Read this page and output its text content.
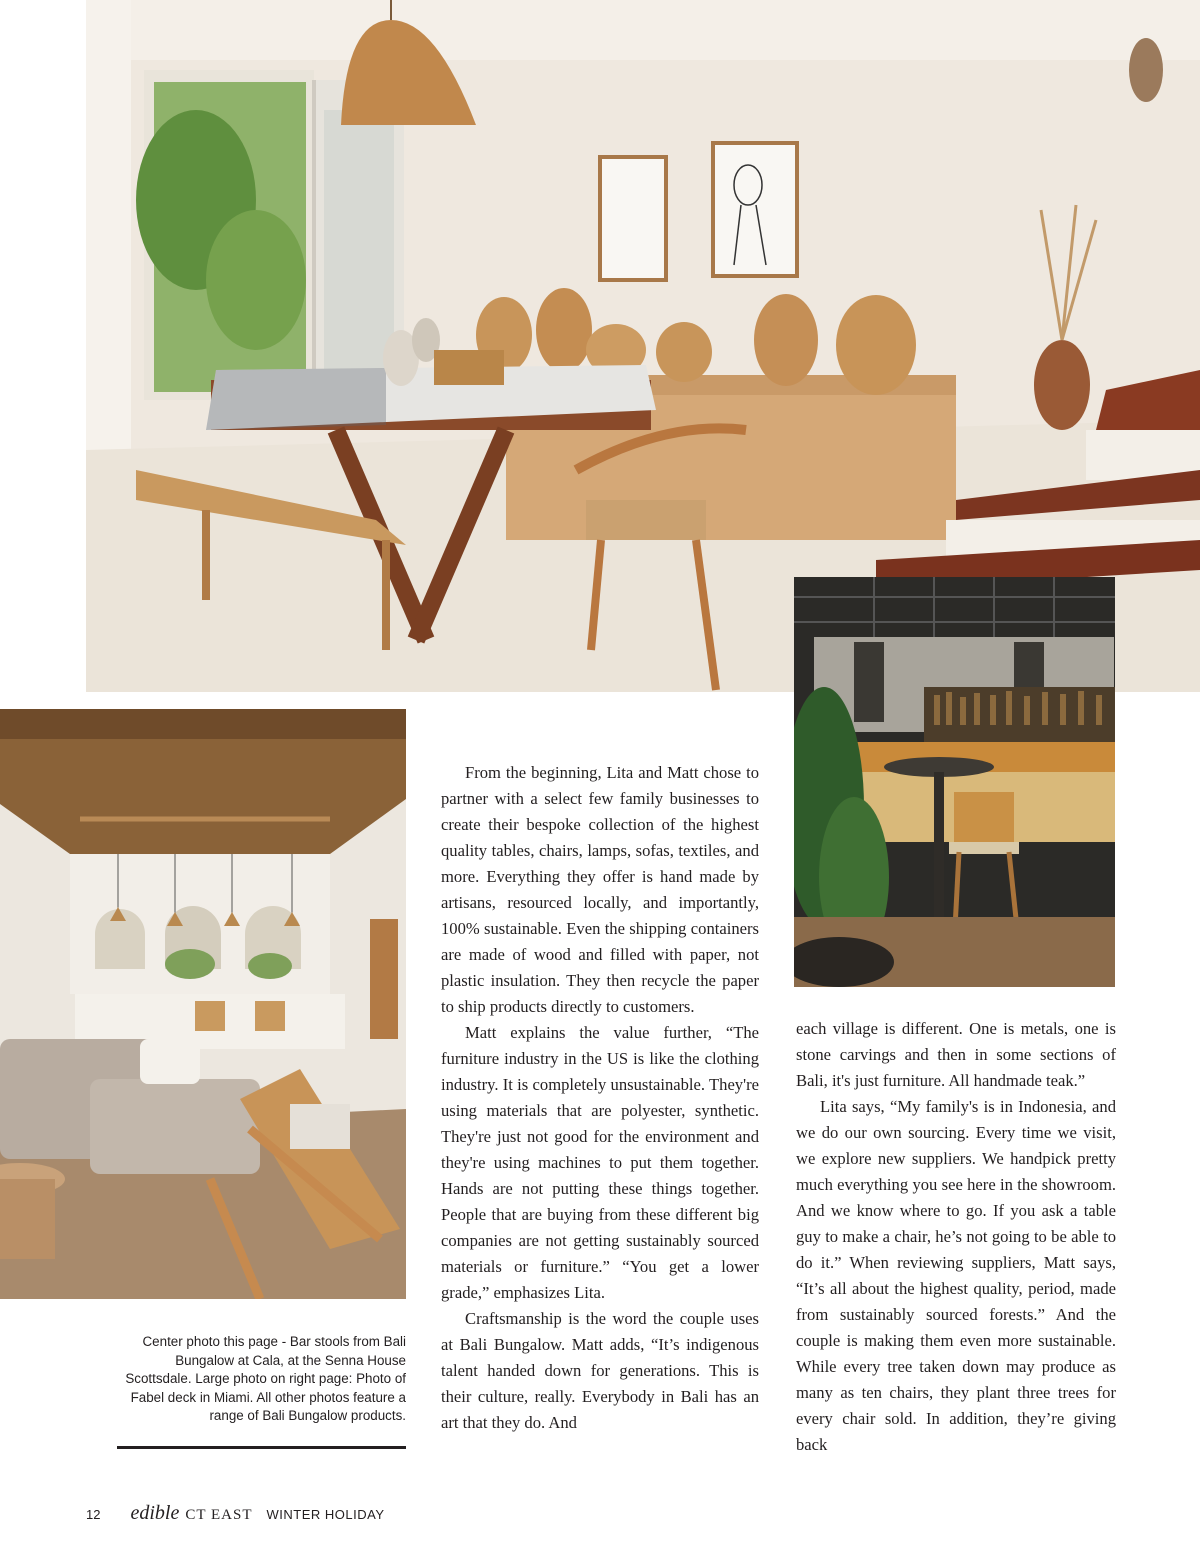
From the beginning, Lita and Matt chose to partner with a select few family businesses to create their bespoke collection of the highest quality tables, chairs, lamps, sofas, textiles, and more. Everything they offer is hand made by artisans, resourced locally, and importantly, 100% sustainable. Even the shipping containers are made of wood and filled with paper, not plastic insulation. They then recycle the paper to ship products directly to customers.

Matt explains the value further, “The furniture industry in the US is like the clothing industry. It is completely unsustainable. They're using materials that are polyester, synthetic. They're just not good for the environment and they're using machines to put them together. Hands are not putting these things together. People that are buying from these different big companies are not getting sustainably sourced materials or furniture.” “You get a lower grade,” emphasizes Lita.

Craftsmanship is the word the couple uses at Bali Bungalow. Matt adds, “It’s indigenous talent handed down for generations. This is their culture, really. Everybody in Bali has an art that they do. And

each village is different. One is metals, one is stone carvings and then in some sections of Bali, it's just furniture. All handmade teak.”

Lita says, “My family's is in Indonesia, and we do our own sourcing. Every time we visit, we explore new suppliers. We handpick pretty much everything you see here in the showroom. And we know where to go. If you ask a table guy to make a chair, he’s not going to be able to do it.” When reviewing suppliers, Matt says, “It’s all about the highest quality, period, made from sustainably sourced forests.” And the couple is making them even more sustainable. While every tree taken down may produce as many as ten chairs, they plant three trees for every chair sold. In addition, they’re giving back

Center photo this page - Bar stools from Bali Bungalow at Cala, at the Senna House Scottsdale. Large photo on right page: Photo of Fabel deck in Miami. All other photos feature a range of Bali Bungalow products.
12 edible CT EAST WINTER HOLIDAY
